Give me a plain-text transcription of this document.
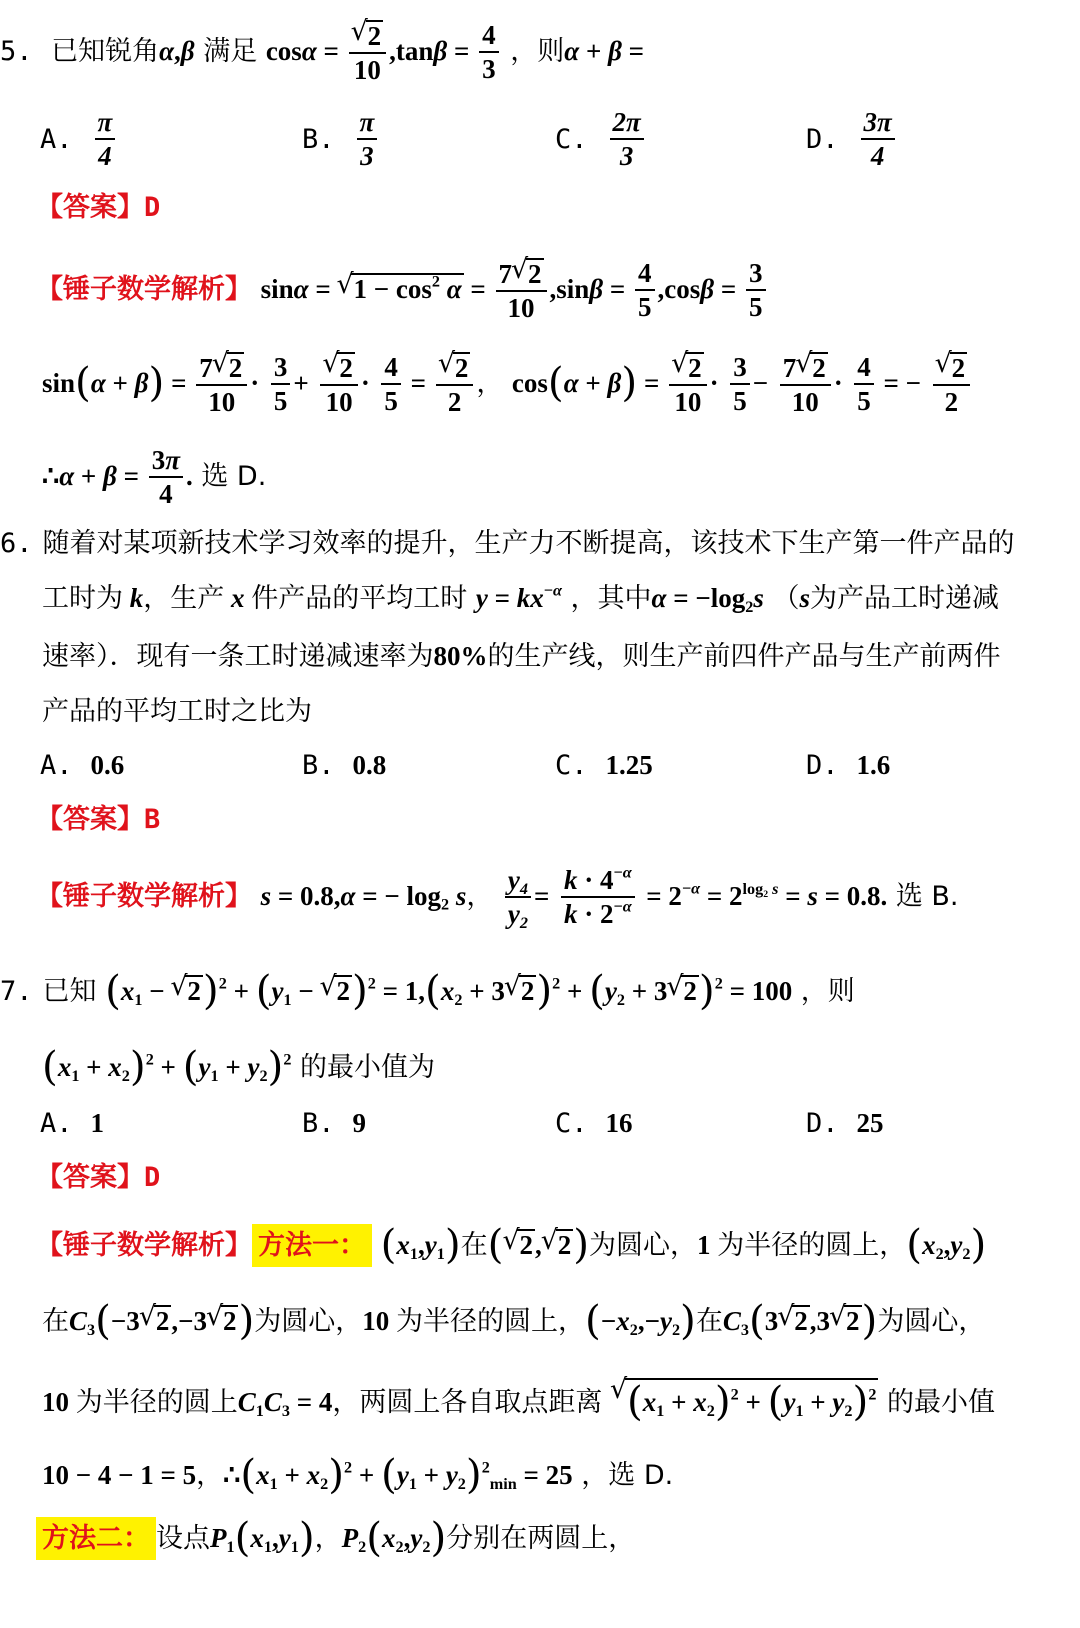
5. 已知锐角α,β 满足 cosα =
√ $\frac{2}{10} ,\tan\beta = \frac{4}{3}$ ，则α + β =
A. $\frac{\pi}{4}$	B. $\frac{\pi}{3}$	C. $\frac{2\pi}{3}$	D. $\frac{3\pi}{4}$
【答案】D
【锤子数学解析】 sinα = √ $1 - \cos^2 \alpha = \frac{7√ 2}{10} ,\sin\beta = \frac{4}{5} ,\cos\beta = \frac{3}{5}$
$\sin(\alpha + \beta) = \frac{7√ 2}{10} \cdot \frac{3}{5}$ +
√ $\frac{2}{10} \cdot \frac{4}{5}$ =
√ $\frac{2}{2}$ ， cos(α + β) =
√ $\frac{2}{10} \cdot \frac{3}{5} - \frac{7√ 2}{10} \cdot \frac{4}{5}$ = −
√ $\frac{2}{2}$
∴α + $\beta = \frac{3\pi}{4}$ . 选 D.
6. 随着对某项新技术学习效率的提升，生产力不断提高，该技术下生产第一件产品的
工时为 k，生产 x 件产品的平均工时 $y = kx^{-\alpha}$ ，其中$\alpha = -\log_2s$ （s为产品工时递减
速率）．现有一条工时递减速率为80%的生产线，则生产前四件产品与生产前两件
产品的平均工时之比为
A. 0.6	B. 0.8	C. 1.25	D. 1.6
【答案】B
【锤子数学解析】 s = 0.8,α = − $\log_2 s$， $\frac{y_4}{y_2} = \frac{k \cdot 4^{-\alpha}}{k \cdot 2^{-\alpha}} = 2^{-\alpha} = 2^{log_2 s} = s = 0.8$. 选 B.
7. 已知 ($x_1$ − √ $2)^2 + (y_1$ − √ $2)^2 = 1,(x_2 + 3√$ $2)^2 + (y_2 + 3√$ 2)$^2$ = 100 ，则
$(x_1 + x_2)^2 + (y_1 + y_2)^2$ 的最小值为
A. 1	B. 9	C. 16	D. 25
【答案】D
【锤子数学解析】 方法一： $(x_1,y_1)$在(√ 2,√ 2)为圆心，1 为半径的圆上，$(x_2,y_2)$
在$C_3(-3√$ 2,−3√ 2)为圆心，10 为半径的圆上，$(-x_2,-y_2)$在$C_3(3√$ 2,3√ 2)为圆心，
10 为半径的圆上$C_1C_3 = 4$，两圆上各自取点距离 √ $(x_1 + x_2)^2 + (y_1 + y_2)^2$ 的最小值
10 − 4 − 1 = 5，$\therefore(x_1 + x_2)^2 + (y_1 + y_2)^2_{min} = 25$ ，选 D.
方法二： 设点$P_1(x_1,y_1)$，$P_2(x_2,y_2)$分别在两圆上，
